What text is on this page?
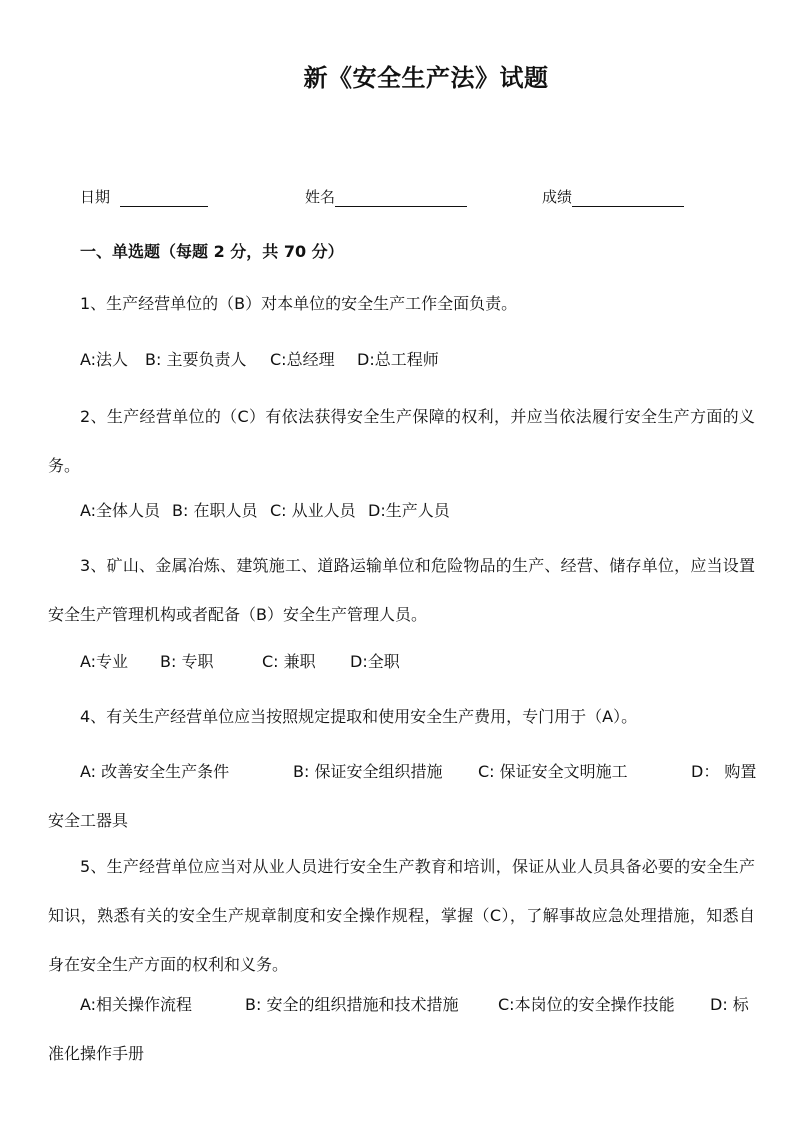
新《安全生产法》试题
日期	姓名	成绩
一、单选题（每题 2 分，共 70 分）
1、生产经营单位的（B）对本单位的安全生产工作全面负责。
A:法人 B: 主要负责人 C:总经理 D:总工程师
2、生产经营单位的（C）有依法获得安全生产保障的权利，并应当依法履行安全生产方面的义务。
A:全体人员 B: 在职人员 C: 从业人员 D:生产人员
3、矿山、金属冶炼、建筑施工、道路运输单位和危险物品的生产、经营、储存单位，应当设置安全生产管理机构或者配备（B）安全生产管理人员。
A:专业 B: 专职	C: 兼职 D:全职
4、有关生产经营单位应当按照规定提取和使用安全生产费用，专门用于（A）。
A: 改善安全生产条件	B: 保证安全组织措施 C: 保证安全文明施工	D： 购置
安全工器具
5、生产经营单位应当对从业人员进行安全生产教育和培训，保证从业人员具备必要的安全生产知识，熟悉有关的安全生产规章制度和安全操作规程，掌握（C），了解事故应急处理措施，知悉自身在安全生产方面的权利和义务。
A:相关操作流程	B: 安全的组织措施和技术措施 C:本岗位的安全操作技能 D: 标
准化操作手册
